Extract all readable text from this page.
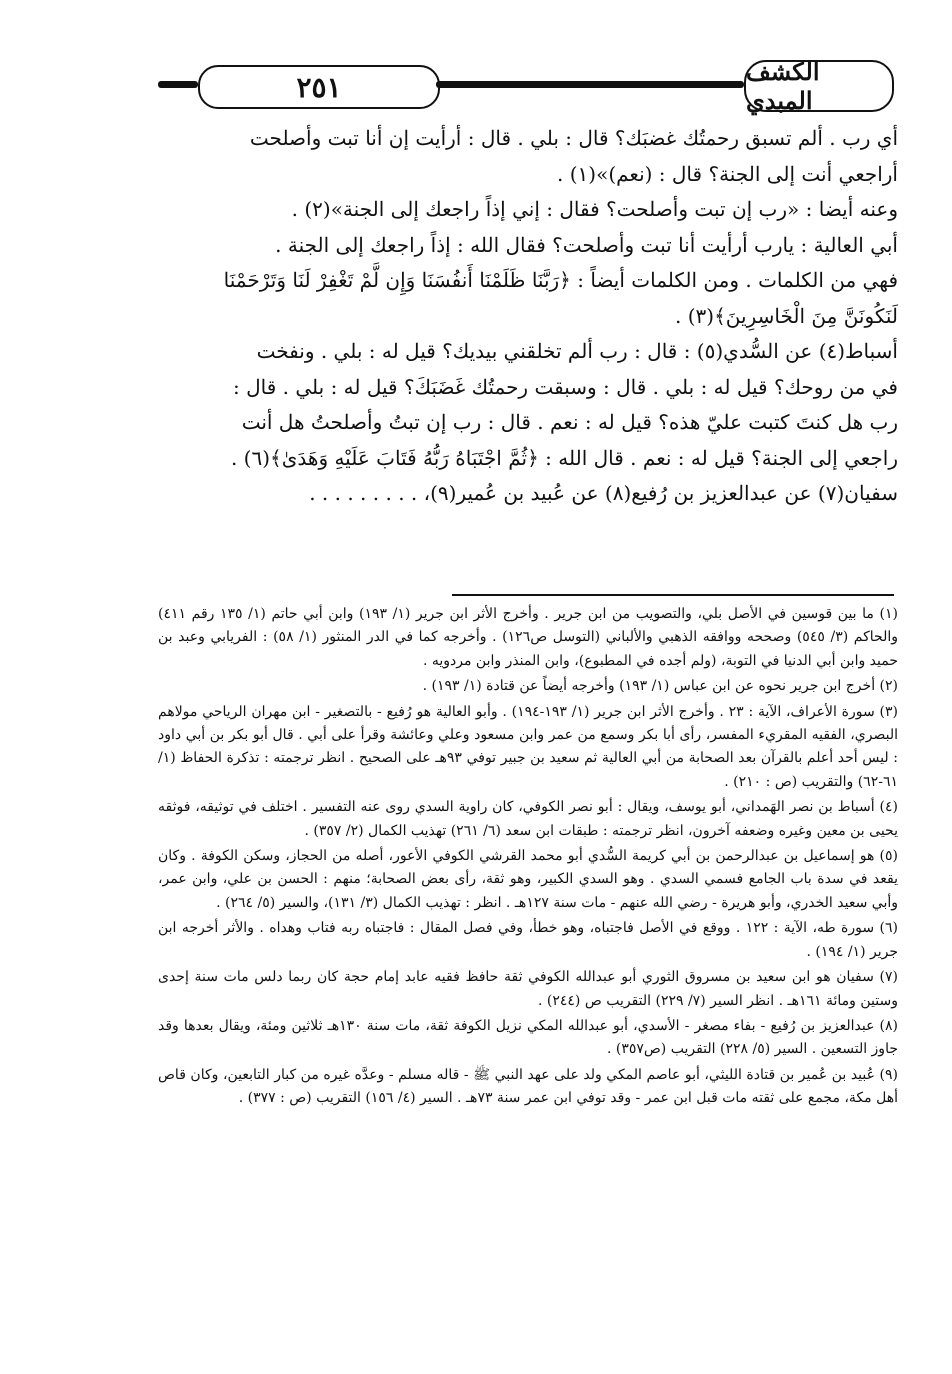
٢٥١	الكشف المبدي

أي رب . ألم تسبق رحمتُك غضبَك؟ قال : بلي . قال : أرأيت إن أنا تبت وأصلحت

أراجعي أنت إلى الجنة؟ قال : (نعم)»(١) .

وعنه أيضا : «رب إن تبت وأصلحت؟ فقال : إني إذاً راجعك إلى الجنة»(٢) .

أبي العالية : يارب أرأيت أنا تبت وأصلحت؟ فقال الله : إذاً راجعك إلى الجنة .

فهي من الكلمات . ومن الكلمات أيضاً : ﴿رَبَّنَا ظَلَمْنَا أَنفُسَنَا وَإِن لَّمْ تَغْفِرْ لَنَا وَتَرْحَمْنَا

لَنَكُونَنَّ مِنَ الْخَاسِرِينَ﴾(٣) .

أسباط(٤) عن السُّدي(٥) : قال : رب ألم تخلقني بيديك؟ قيل له : بلي . ونفخت

في من روحك؟ قيل له : بلي . قال : وسبقت رحمتُك غَضَبَكَ؟ قيل له : بلي . قال :

رب هل كنتَ كتبت عليّ هذه؟ قيل له : نعم . قال : رب إن تبتُ وأصلحتُ هل أنت

راجعي إلى الجنة؟ قيل له : نعم . قال الله : ﴿ثُمَّ اجْتَبَاهُ رَبُّهُ فَتَابَ عَلَيْهِ وَهَدَىٰ﴾(٦) .

سفيان(٧) عن عبدالعزيز بن رُفيع(٨) عن عُبيد بن عُمير(٩)، . . . . . . . . .

(١) ما بين قوسين في الأصل بلي، والتصويب من ابن جرير . وأخرج الأثر ابن جرير (١/ ١٩٣) وابن أبي حاتم (١/ ١٣٥ رقم ٤١١) والحاكم (٣/ ٥٤٥) وصححه ووافقه الذهبي والألباني (التوسل ص١٢٦) . وأخرجه كما في الدر المنثور (١/ ٥٨) : الفريابي وعبد بن حميد وابن أبي الدنيا في التوبة، (ولم أجده في المطبوع)، وابن المنذر وابن مردويه .

(٢) أخرج ابن جرير نحوه عن ابن عباس (١/ ١٩٣) وأخرجه أيضاً عن قتادة (١/ ١٩٣) .

(٣) سورة الأعراف، الآية : ٢٣ . وأخرج الأثر ابن جرير (١/ ١٩٣-١٩٤) . وأبو العالية هو رُفيع - بالتصغير - ابن مهران الرياحي مولاهم البصري، الفقيه المقريء المفسر، رأى أبا بكر وسمع من عمر وابن مسعود وعلي وعائشة وقرأ على أبي . قال أبو بكر بن أبي داود : ليس أحد أعلم بالقرآن بعد الصحابة من أبي العالية ثم سعيد بن جبير توفي ٩٣هـ على الصحيح . انظر ترجمته : تذكرة الحفاظ (١/ ٦١-٦٢) والتقريب (ص : ٢١٠) .

(٤) أسباط بن نصر الهَمداني، أبو يوسف، ويقال : أبو نصر الكوفي، كان راوية السدي روى عنه التفسير . اختلف في توثيقه، فوثقه يحيى بن معين وغيره وضعفه آخرون، انظر ترجمته : طبقات ابن سعد (٦/ ٢٦١) تهذيب الكمال (٢/ ٣٥٧) .

(٥) هو إسماعيل بن عبدالرحمن بن أبي كريمة السُّدي أبو محمد القرشي الكوفي الأعور، أصله من الحجاز، وسكن الكوفة . وكان يقعد في سدة باب الجامع فسمي السدي . وهو السدي الكبير، وهو ثقة، رأى بعض الصحابة؛ منهم : الحسن بن علي، وابن عمر، وأبي سعيد الخدري، وأبو هريرة - رضي الله عنهم - مات سنة ١٢٧هـ . انظر : تهذيب الكمال (٣/ ١٣١)، والسير (٥/ ٢٦٤) .

(٦) سورة طه، الآية : ١٢٢ . ووقع في الأصل فاجتباه، وهو خطأ، وفي فصل المقال : فاجتباه ربه فتاب وهداه . والأثر أخرجه ابن جرير (١/ ١٩٤) .

(٧) سفيان هو ابن سعيد بن مسروق الثوري أبو عبدالله الكوفي ثقة حافظ فقيه عابد إمام حجة كان ربما دلس مات سنة إحدى وستين ومائة ١٦١هـ . انظر السير (٧/ ٢٢٩) التقريب ص (٢٤٤) .

(٨) عبدالعزيز بن رُفيع - بفاء مصغر - الأسدي، أبو عبدالله المكي نزيل الكوفة ثقة، مات سنة ١٣٠هـ ثلاثين ومئة، ويقال بعدها وقد جاوز التسعين . السير (٥/ ٢٢٨) التقريب (ص٣٥٧) .

(٩) عُبيد بن عُمير بن قتادة الليثي، أبو عاصم المكي ولد على عهد النبي ﷺ - قاله مسلم - وعدَّه غيره من كبار التابعين، وكان قاص أهل مكة، مجمع على ثقته مات قبل ابن عمر - وقد توفي ابن عمر سنة ٧٣هـ . السير (٤/ ١٥٦) التقريب (ص : ٣٧٧) .
